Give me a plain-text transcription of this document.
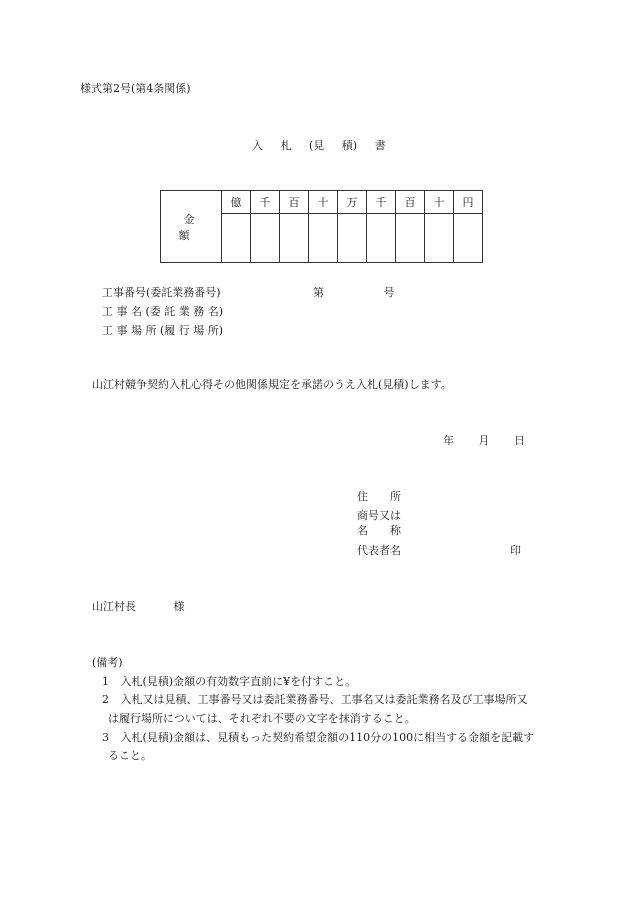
様式第2号(第4条関係)
入 札 (見 積) 書
金　額	億	千	百	十	万	千	百	十	円

工事番号(委託業務番号)	第	号
工 事 名 (委 託 業 務 名)
工 事 場 所 (履 行 場 所)
山江村競争契約入札心得その他関係規定を承諾のうえ入札(見積)します。
年 月 日
住　　所
商号又は
名　　称
代表者名	印
山江村長	様
(備考)
1 入札(見積)金額の有効数字直前に¥を付すこと。
2 入札又は見積、工事番号又は委託業務番号、工事名又は委託業務名及び工事場所又
は履行場所については、それぞれ不要の文字を抹消すること。
3 入札(見積)金額は、見積もった契約希望金額の110分の100に相当する金額を記載す
ること。
